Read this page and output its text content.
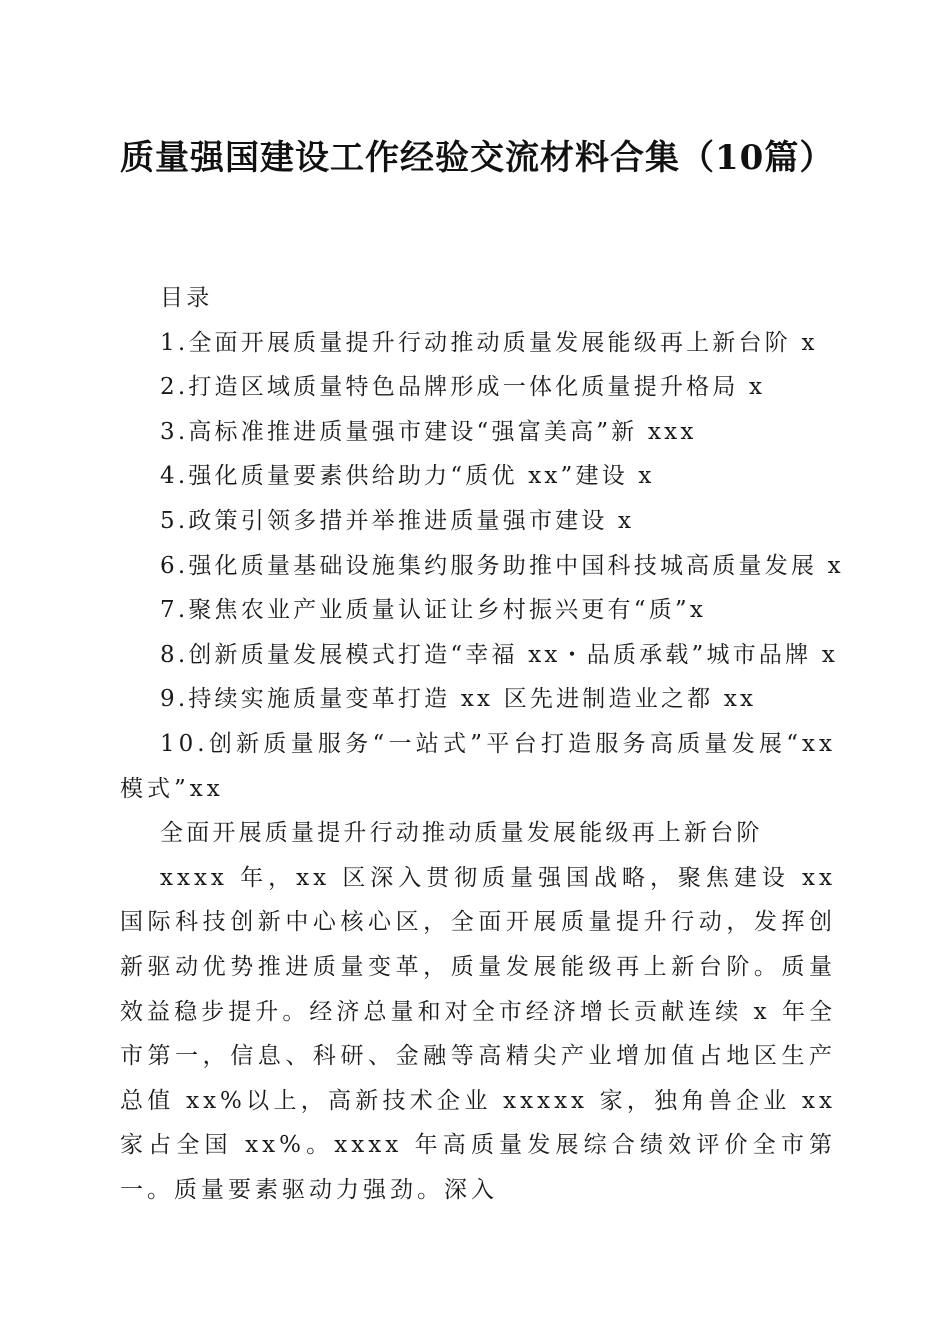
质量强国建设工作经验交流材料合集（10篇）
目录
1.全面开展质量提升行动推动质量发展能级再上新台阶 x
2.打造区域质量特色品牌形成一体化质量提升格局 x
3.高标准推进质量强市建设“强富美高”新 xxx
4.强化质量要素供给助力“质优 xx”建设 x
5.政策引领多措并举推进质量强市建设 x
6.强化质量基础设施集约服务助推中国科技城高质量发展 x
7.聚焦农业产业质量认证让乡村振兴更有“质”x
8.创新质量发展模式打造“幸福 xx・品质承载”城市品牌 x
9.持续实施质量变革打造 xx 区先进制造业之都 xx
10.创新质量服务“一站式”平台打造服务高质量发展“xx模式”xx
全面开展质量提升行动推动质量发展能级再上新台阶
xxxx 年，xx 区深入贯彻质量强国战略，聚焦建设 xx 国际科技创新中心核心区，全面开展质量提升行动，发挥创新驱动优势推进质量变革，质量发展能级再上新台阶。质量效益稳步提升。经济总量和对全市经济增长贡献连续 x 年全市第一，信息、科研、金融等高精尖产业增加值占地区生产总值 xx%以上，高新技术企业 xxxxx 家，独角兽企业 xx 家占全国 xx%。xxxx 年高质量发展综合绩效评价全市第一。质量要素驱动力强劲。深入
